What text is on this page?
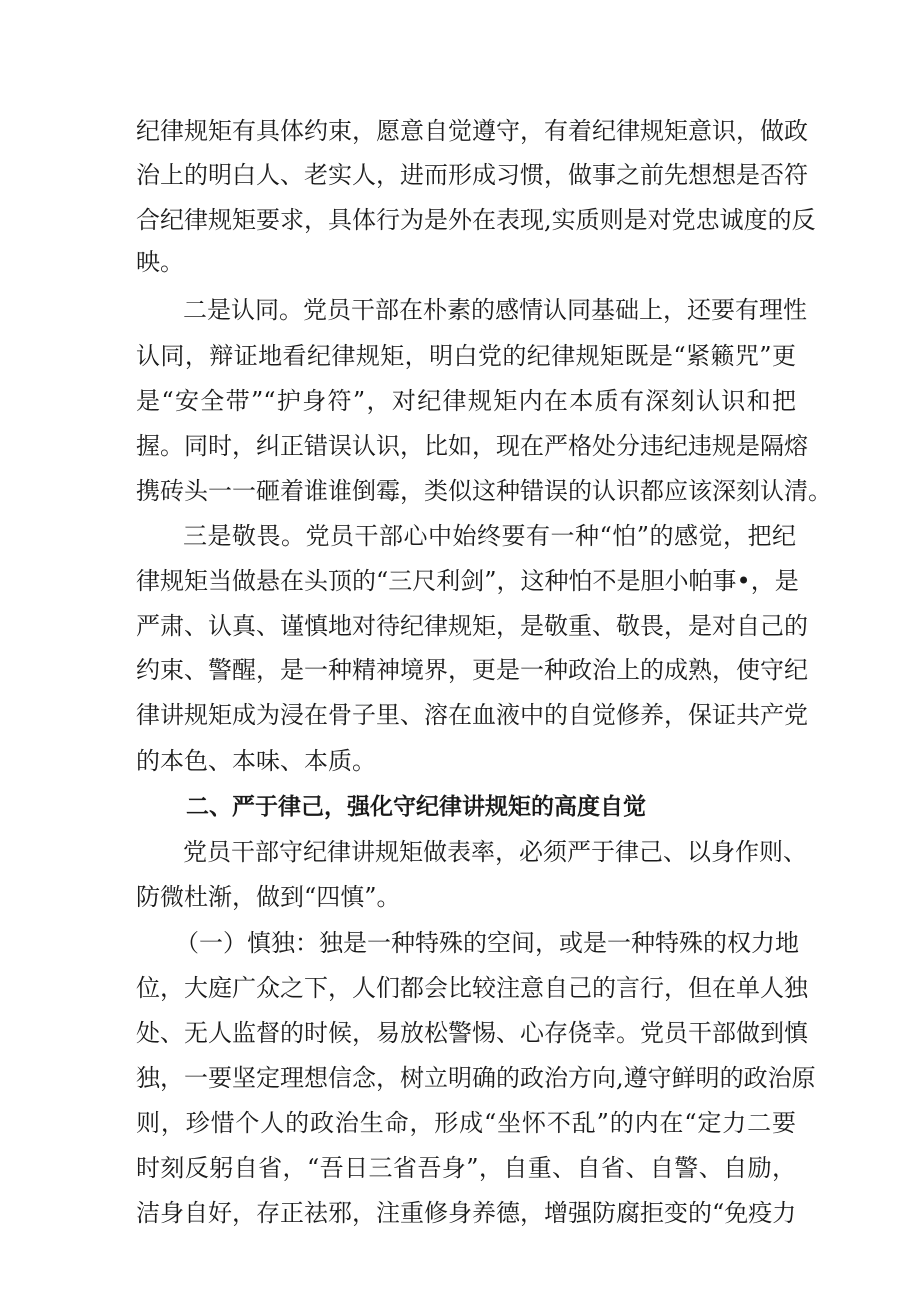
纪律规矩有具体约束，愿意自觉遵守，有着纪律规矩意识，做政
治上的明白人、老实人，进而形成习惯，做事之前先想想是否符
合纪律规矩要求，具体行为是外在表现,实质则是对党忠诚度的反
映。
二是认同。党员干部在朴素的感情认同基础上，还要有理性
认同，辩证地看纪律规矩，明白党的纪律规矩既是“紧籁咒”更
是“安全带”“护身符”，对纪律规矩内在本质有深刻认识和把
握。同时，纠正错误认识，比如，现在严格处分违纪违规是隔熔
携砖头一一砸着谁谁倒霉，类似这种错误的认识都应该深刻认清。
三是敬畏。党员干部心中始终要有一种“怕”的感觉，把纪
律规矩当做悬在头顶的“三尺利剑”，这种怕不是胆小帕事•，是
严肃、认真、谨慎地对待纪律规矩，是敬重、敬畏，是对自己的
约束、警醒，是一种精神境界，更是一种政治上的成熟，使守纪
律讲规矩成为浸在骨子里、溶在血液中的自觉修养，保证共产党
的本色、本味、本质。
二、严于律己，强化守纪律讲规矩的高度自觉
党员干部守纪律讲规矩做表率，必须严于律己、以身作则、
防微杜渐，做到“四慎”。
（一）慎独：独是一种特殊的空间，或是一种特殊的权力地
位，大庭广众之下，人们都会比较注意自己的言行，但在单人独
处、无人监督的时候，易放松警惕、心存侥幸。党员干部做到慎
独，一要坚定理想信念，树立明确的政治方向,遵守鲜明的政治原
则，珍惜个人的政治生命，形成“坐怀不乱”的内在“定力二要
时刻反躬自省，“吾日三省吾身”，自重、自省、自警、自励，
洁身自好，存正祛邪，注重修身养德，增强防腐拒变的“免疫力
